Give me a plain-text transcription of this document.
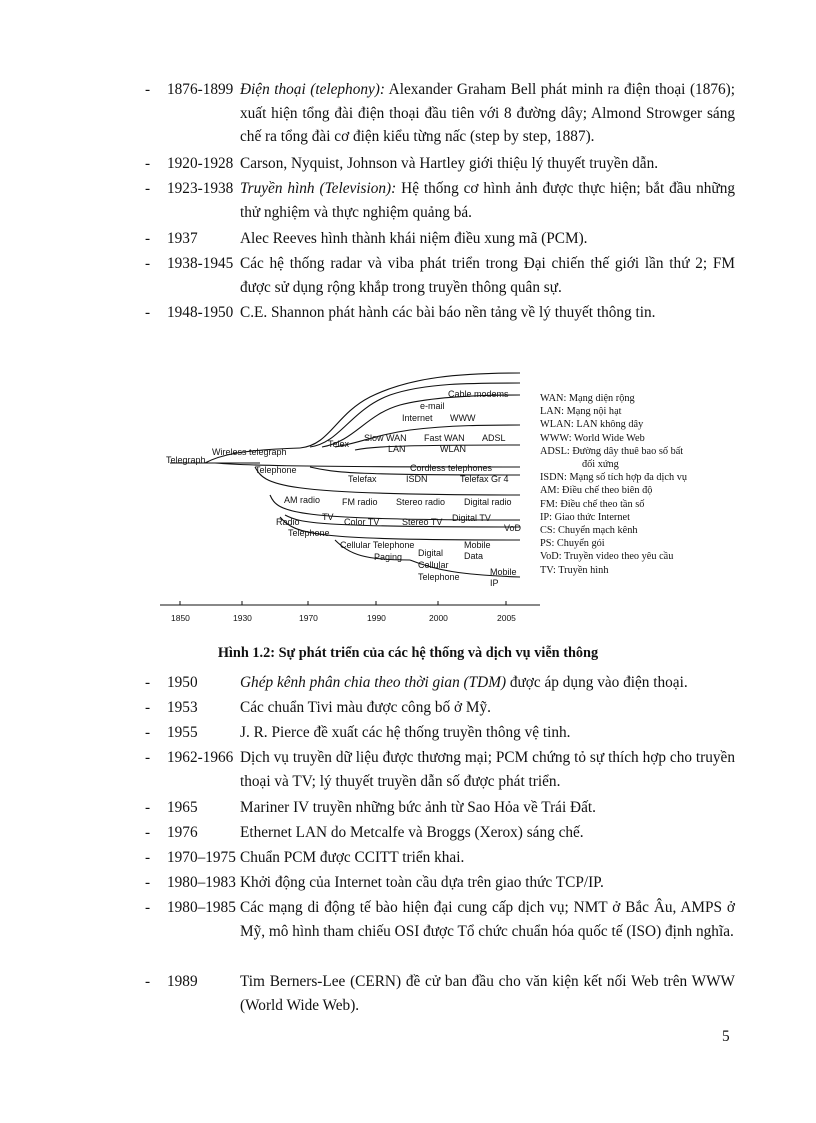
- 1876-1899 Điện thoại (telephony): Alexander Graham Bell phát minh ra điện thoại (1876); xuất hiện tổng đài điện thoại đầu tiên với 8 đường dây; Almond Strowger sáng chế ra tổng đài cơ điện kiểu từng nấc (step by step, 1887).
- 1920-1928 Carson, Nyquist, Johnson và Hartley giới thiệu lý thuyết truyền dẫn.
- 1923-1938 Truyền hình (Television): Hệ thống cơ hình ảnh được thực hiện; bắt đầu những thử nghiệm và thực nghiệm quảng bá.
- 1937	Alec Reeves hình thành khái niệm điều xung mã (PCM).
- 1938-1945 Các hệ thống radar và viba phát triển trong Đại chiến thế giới lần thứ 2; FM được sử dụng rộng khắp trong truyền thông quân sự.
- 1948-1950 C.E. Shannon phát hành các bài báo nền tảng về lý thuyết thông tin.
Telegraph
Wireless telegraph
Telephone
Telex
Cable modems
e-mail
Internet WWW
Slow WAN Fast WAN ADSL
LAN	WLAN
Telefax
Cordless telephones
ISDN	Telefax Gr 4
AM radio FM radio Stereo radio Digital radio
Radio TV Color TV	Stereo TV Digital TV
VoD
Telephone
Cellular Telephone	Mobile
Data
Paging Digital
Cellular
Telephone	Mobile
IP
1850	1930	1970	1990	2000	2005
WAN: Mạng diện rộng
LAN: Mạng nội hạt
WLAN: LAN không dây
WWW: World Wide Web
ADSL: Đường dây thuê bao số bất
đối xứng
ISDN: Mạng số tích hợp đa dịch vụ
AM: Điều chế theo biên độ
FM: Điều chế theo tần số
IP: Giao thức Internet
CS: Chuyển mạch kênh
PS: Chuyển gói
VoD: Truyền video theo yêu cầu
TV: Truyền hình
Hình 1.2: Sự phát triển của các hệ thống và dịch vụ viễn thông
- 1950	Ghép kênh phân chia theo thời gian (TDM) được áp dụng vào điện thoại.
- 1953	Các chuẩn Tivi màu được công bố ở Mỹ.
- 1955	J. R. Pierce đề xuất các hệ thống truyền thông vệ tinh.
- 1962-1966 Dịch vụ truyền dữ liệu được thương mại; PCM chứng tỏ sự thích hợp cho truyền thoại và TV; lý thuyết truyền dẫn số được phát triển.
- 1965	Mariner IV truyền những bức ảnh từ Sao Hỏa về Trái Đất.
- 1976	Ethernet LAN do Metcalfe và Broggs (Xerox) sáng chế.
- 1970–1975 Chuẩn PCM được CCITT triển khai.
- 1980–1983 Khởi động của Internet toàn cầu dựa trên giao thức TCP/IP.
- 1980–1985 Các mạng di động tế bào hiện đại cung cấp dịch vụ; NMT ở Bắc Âu, AMPS ở Mỹ, mô hình tham chiếu OSI được Tổ chức chuẩn hóa quốc tế (ISO) định nghĩa.
- 1989	Tim Berners-Lee (CERN) đề cử ban đầu cho văn kiện kết nối Web trên WWW (World Wide Web).
5
